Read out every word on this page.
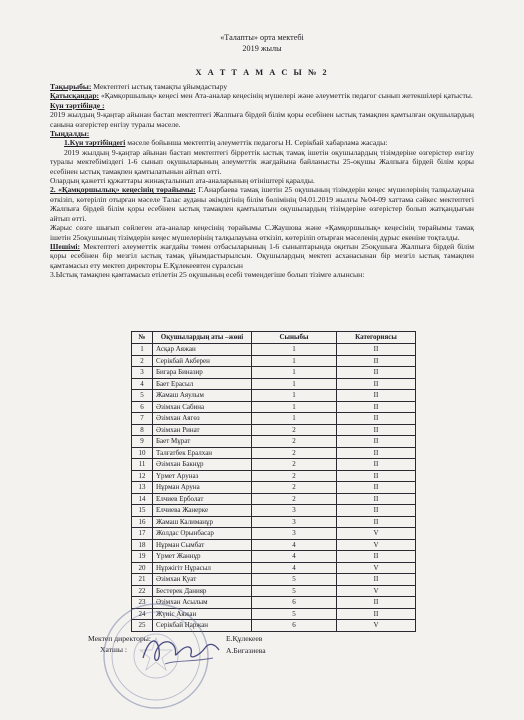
«Талапты» орта мектебі
2019 жылы
Х А Т Т А М А С Ы № 2

Тақырыбы: Мектептегі ыстық тамақты ұйымдастыру

Қатысқандар: «Қамқоршылық» кеңесі мен Ата-аналар кеңесінің мүшелері және әлеуметтік педагог сынып жетекшілері қатысты.

Күн тәртібінде :

2019 жылдың 9-қаңтар айынан бастап мектептегі Жалпыға бірдей білім қоры есебінен ыстық тамақпен қамтылған оқушылардың санына өзгерістер енгізу туралы мәселе.

Тыңдалды:

1.Күн тәртібіндегі мәселе бойынша мектептің әлеуметтік педагогы Н. Серікбай хабарлама жасады:

2019 жылдың 9-қаңтар айынан бастап мектептегі бірреттік ыстық тамақ ішетін оқушылардың тізімдеріне өзгерістер енгізу туралы мектебіміздегі 1-6 сынып оқушыларының әлеуметтік жағдайына байланысты 25-оқушы Жалпыға бірдей білім қоры есебінен ыстық тамақпен қамтылатынын айтып өтті.

Олардың қажетті құжаттары жинақталынып ата-аналарының өтініштері қаралды.

2. «Қамқоршылық» кеңесінің төрайымы: Г.Анарбаева тамақ ішетін 25 оқушының тізімдерін кеңес мүшелерінің талқылауына өткізіп, көтеріліп отырған мәселе Талас ауданы әкімдігінің білім бөлімінің 04.01.2019 жылғы №04-09 хаттама сәйкес мектептегі Жалпыға бірдей білім қоры есебінен ыстық тамақпен қамтылатын оқушылардың тізімдеріне өзгерістер болып жатқандығын айтып өтті.

Жарыс сөзге шығып сөйлеген ата-аналар кеңесінің төрайымы С.Жаушова және «Қамқоршылық» кеңесінің төрайымы тамақ ішетін 25оқушының тізімдерін кеңес мүшелерінің талқылауына өткізіп, көтеріліп отырған мәселенің дұрыс екеніне тоқталды.

Шешімі: Мектептегі әлеуметтік жағдайы төмен отбасыларының 1-6 сыныптарында оқитын 25оқушыға Жалпыға бірдей білім қоры есебінен бір мезгіл ыстық тамақ ұйымдастырылсын. Оқушылардың мектеп асханасынан бір мезгіл ыстық тамақпен қамтамасыз ету мектеп директоры Е.Құлекеевтен сұралсын

3.Ыстық тамақпен қамтамасыз етілетін 25 оқушының есебі төмендегіше болып тізімге алынсын:

№	Оқушылардың аты –жөні	Сыныбы	Категориясы
1	Асқар Аяжан	1	II
2	Серікбай Акберен	1	II
3	Бигара Биназир	1	II
4	Бает Ерасыл	1	II
5	Жамаш Аяулым	1	II
6	Әзімхан Сабина	1	II
7	Әзімхан Аягөз	1	II
8	Әзімхан Ринат	2	II
9	Бает Мұрат	2	II
10	Талғатбек Ералхан	2	II
11	Әзімхан Бакнұр	2	II
12	Үрмет Аруназ	2	II
13	Нұрман Аруна	2	II
14	Елчиев Ерболат	2	II
15	Елчиева Жанерке	3	II
16	Жамаш Калиманұр	3	II
17	Жолдас Орынбасар	3	V
18	Нұрман Сымбат	4	V
19	Үрмет Жаннұр	4	II
20	Нұржігіт Нұрасыл	4	V
21	Әзімхан Қуат	5	II
22	Бестерек Данияр	5	V
23	Әзімхан Асылым	6	II
24	Жүніс Аяжан	5	II
25	Серікбай Наржан	6	V
Мектеп директоры:	Е.Құлекеев
Хатшы :	А.Бигазиева
